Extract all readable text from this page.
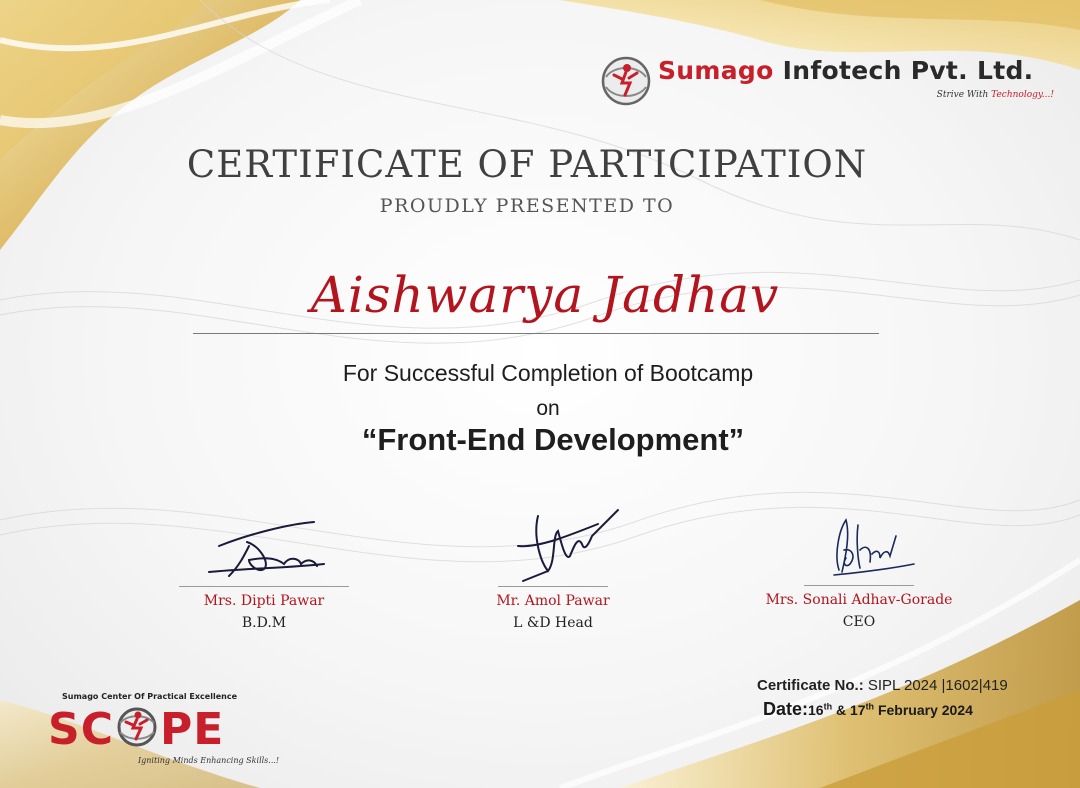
Sumago Infotech Pvt. Ltd.
Strive With Technology...!
CERTIFICATE OF PARTICIPATION
PROUDLY PRESENTED TO
Aishwarya Jadhav
For Successful Completion of Bootcamp
on
“Front-End Development”
Mrs. Dipti Pawar
B.D.M
Mr. Amol Pawar
L &D Head
Mrs. Sonali Adhav-Gorade
CEO
Sumago Center Of Practical Excellence
SC PE
Igniting Minds Enhancing Skills...!
Certificate No.: SIPL 2024 |1602|419
Date:16th & 17th February 2024
